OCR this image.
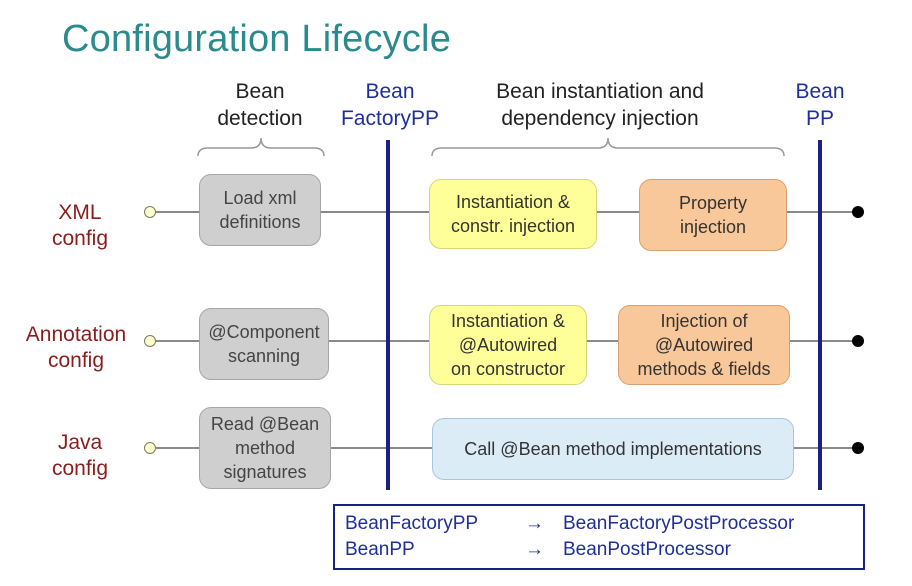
Configuration Lifecycle
Bean
detection
Bean
FactoryPP
Bean instantiation and
dependency injection
Bean
PP
XML
config
Annotation
config
Java
config
Load xml
definitions
Instantiation &
constr. injection
Property
injection
@Component
scanning
Instantiation &
@Autowired
on constructor
Injection of
@Autowired
methods & fields
Read @Bean
method
signatures
Call @Bean method implementations
BeanFactoryPP → BeanFactoryPostProcessor
BeanPP	→ BeanPostProcessor
